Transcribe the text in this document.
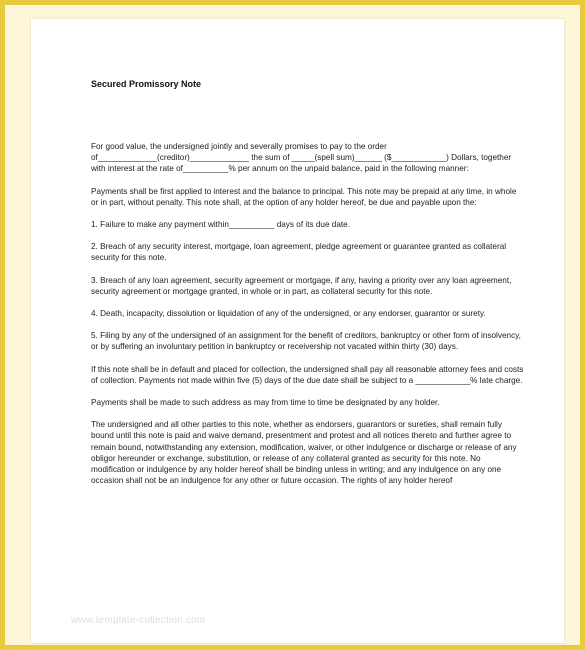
Secured Promissory Note

For good value, the undersigned jointly and severally promises to pay to the order of_____________(creditor)_____________ the sum of _____(spell sum)______ ($____________) Dollars, together with interest at the rate of__________% per annum on the unpaid balance, paid in the following manner:

Payments shall be first applied to interest and the balance to principal. This note may be prepaid at any time, in whole or in part, without penalty. This note shall, at the option of any holder hereof, be due and payable upon the:

1. Failure to make any payment within__________ days of its due date.

2. Breach of any security interest, mortgage, loan agreement, pledge agreement or guarantee granted as collateral security for this note.

3. Breach of any loan agreement, security agreement or mortgage, if any, having a priority over any loan agreement, security agreement or mortgage granted, in whole or in part, as collateral security for this note.

4. Death, incapacity, dissolution or liquidation of any of the undersigned, or any endorser, guarantor or surety.

5. Filing by any of the undersigned of an assignment for the benefit of creditors, bankruptcy or other form of insolvency, or by suffering an involuntary petition in bankruptcy or receivership not vacated within thirty (30) days.

If this note shall be in default and placed for collection, the undersigned shall pay all reasonable attorney fees and costs of collection. Payments not made within five (5) days of the due date shall be subject to a ____________% late charge.

Payments shall be made to such address as may from time to time be designated by any holder.

The undersigned and all other parties to this note, whether as endorsers, guarantors or sureties, shall remain fully bound until this note is paid and waive demand, presentment and protest and all notices thereto and further agree to remain bound, notwithstanding any extension, modification, waiver, or other indulgence or discharge or release of any obligor hereunder or exchange, substitution, or release of any collateral granted as security for this note. No modification or indulgence by any holder hereof shall be binding unless in writing; and any indulgence on any one occasion shall not be an indulgence for any other or future occasion. The rights of any holder hereof

www.template-collection.com
